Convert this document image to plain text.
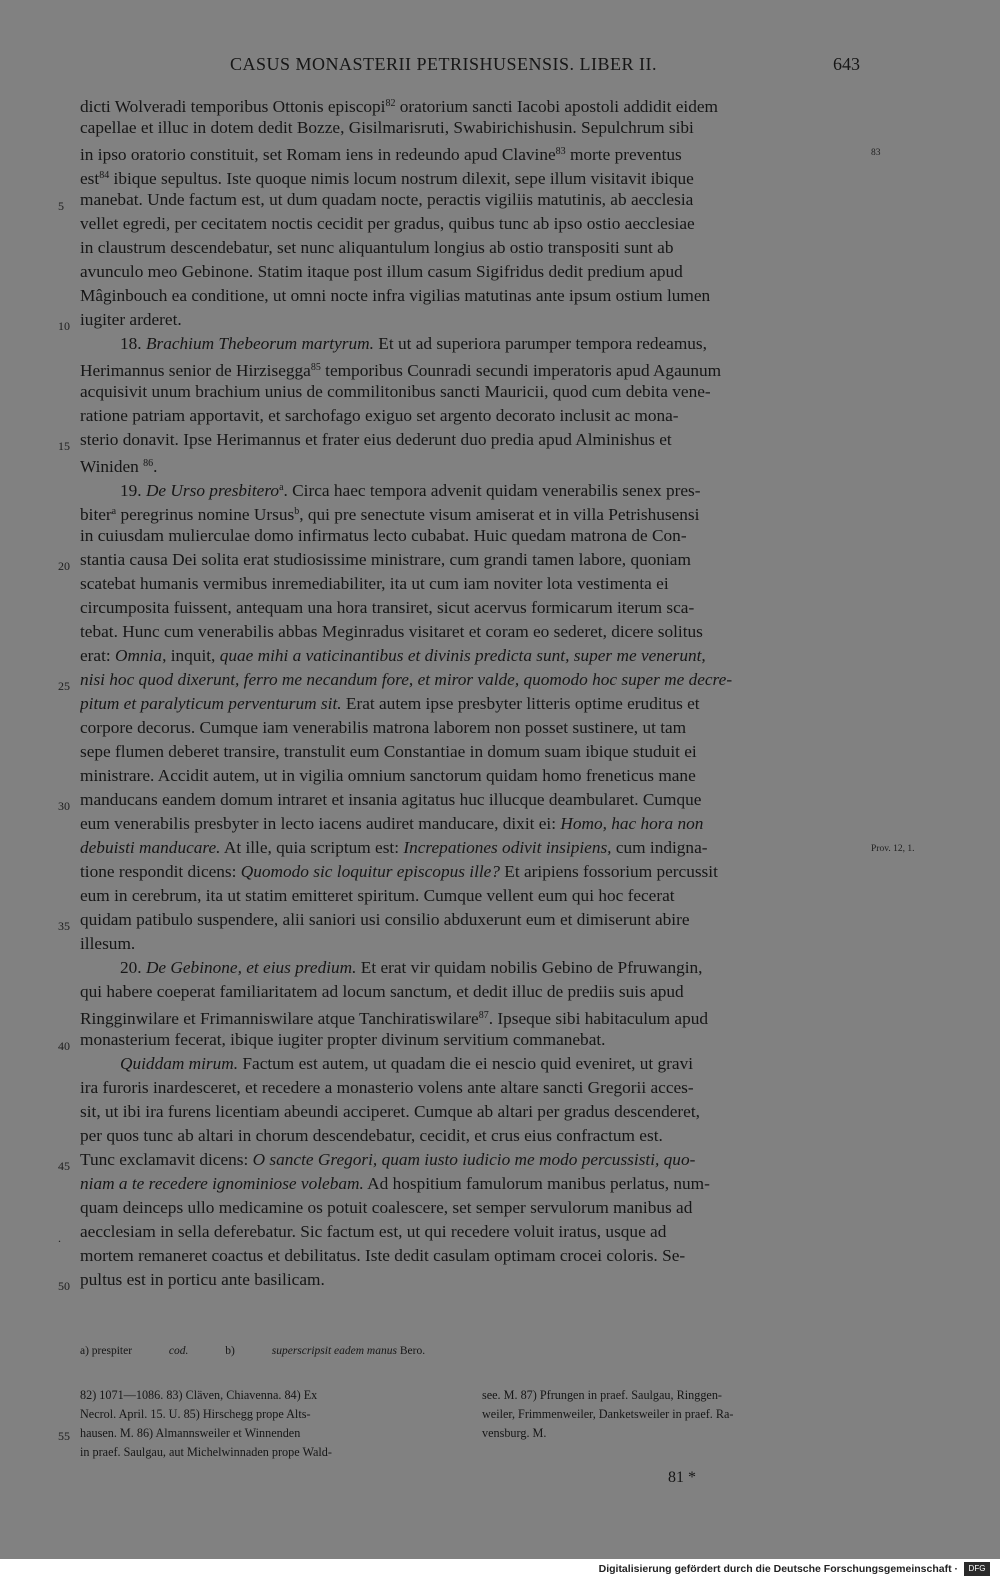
CASUS MONASTERII PETRISHUSENSIS. LIBER II.	643
dicti Wolveradi temporibus Ottonis episcopi$^{82}$ oratorium sancti Iacobi apostoli addidit eidem
capellae et illuc in dotem dedit Bozze, Gisilmarisruti, Swabirichishusin. Sepulchrum sibi
in ipso oratorio constituit, set Romam iens in redeundo apud Clavine$^{83}$ morte preventus
est$^{84}$ ibique sepultus. Iste quoque nimis locum nostrum dilexit, sepe illum visitavit ibique
manebat. Unde factum est, ut dum quadam nocte, peractis vigiliis matutinis, ab aecclesia
vellet egredi, per cecitatem noctis cecidit per gradus, quibus tunc ab ipso ostio aecclesiae
in claustrum descendebatur, set nunc aliquantulum longius ab ostio transpositi sunt ab
avunculo meo Gebinone. Statim itaque post illum casum Sigifridus dedit predium apud
Mâginbouch ea conditione, ut omni nocte infra vigilias matutinas ante ipsum ostium lumen
iugiter arderet.
18. Brachium Thebeorum martyrum. Et ut ad superiora parumper tempora redeamus,
Herimannus senior de Hirzisegga$^{85}$ temporibus Counradi secundi imperatoris apud Agaunum
acquisivit unum brachium unius de commilitonibus sancti Mauricii, quod cum debita vene-
ratione patriam apportavit, et sarchofago exiguo set argento decorato inclusit ac mona-
sterio donavit. Ipse Herimannus et frater eius dederunt duo predia apud Alminishus et
Winiden $^{86}$.
19. De Urso presbitero$^a$. Circa haec tempora advenit quidam venerabilis senex pres-
biter$^a$ peregrinus nomine Ursus$^b$, qui pre senectute visum amiserat et in villa Petrishusensi
in cuiusdam mulierculae domo infirmatus lecto cubabat. Huic quedam matrona de Con-
stantia causa Dei solita erat studiosissime ministrare, cum grandi tamen labore, quoniam
scatebat humanis vermibus inremediabiliter, ita ut cum iam noviter lota vestimenta ei
circumposita fuissent, antequam una hora transiret, sicut acervus formicarum iterum sca-
tebat. Hunc cum venerabilis abbas Meginradus visitaret et coram eo sederet, dicere solitus
erat: Omnia, inquit, quae mihi a vaticinantibus et divinis predicta sunt, super me venerunt,
nisi hoc quod dixerunt, ferro me necandum fore, et miror valde, quomodo hoc super me decre-
pitum et paralyticum perventurum sit. Erat autem ipse presbyter litteris optime eruditus et
corpore decorus. Cumque iam venerabilis matrona laborem non posset sustinere, ut tam
sepe flumen deberet transire, transtulit eum Constantiae in domum suam ibique studuit ei
ministrare. Accidit autem, ut in vigilia omnium sanctorum quidam homo freneticus mane
manducans eandem domum intraret et insania agitatus huc illucque deambularet. Cumque
eum venerabilis presbyter in lecto iacens audiret manducare, dixit ei: Homo, hac hora non
debuisti manducare. At ille, quia scriptum est: Increpationes odivit insipiens, cum indigna-
tione respondit dicens: Quomodo sic loquitur episcopus ille? Et aripiens fossorium percussit
eum in cerebrum, ita ut statim emitteret spiritum. Cumque vellent eum qui hoc fecerat
quidam patibulo suspendere, alii saniori usi consilio abduxerunt eum et dimiserunt abire
illesum.
20. De Gebinone, et eius predium. Et erat vir quidam nobilis Gebino de Pfruwangin,
qui habere coeperat familiaritatem ad locum sanctum, et dedit illuc de prediis suis apud
Ringginwilare et Frimanniswilare atque Tanchiratiswilare$^{87}$. Ipseque sibi habitaculum apud
monasterium fecerat, ibique iugiter propter divinum servitium commanebat.
Quiddam mirum. Factum est autem, ut quadam die ei nescio quid eveniret, ut gravi
ira furoris inardesceret, et recedere a monasterio volens ante altare sancti Gregorii acces-
sit, ut ibi ira furens licentiam abeundi acciperet. Cumque ab altari per gradus descenderet,
per quos tunc ab altari in chorum descendebatur, cecidit, et crus eius confractum est.
Tunc exclamavit dicens: O sancte Gregori, quam iusto iudicio me modo percussisti, quo-
niam a te recedere ignominiose volebam. Ad hospitium famulorum manibus perlatus, num-
quam deinceps ullo medicamine os potuit coalescere, set semper servulorum manibus ad
aecclesiam in sella deferebatur. Sic factum est, ut qui recedere voluit iratus, usque ad
mortem remaneret coactus et debilitatus. Iste dedit casulam optimam crocei coloris. Se-
pultus est in porticu ante basilicam.
5
10
15
20
25
30
35
40
45
.
50
55
83
Prov. 12, 1.
a) prespiter	cod.	b)	superscripsit eadem manus Bero.
82) 1071—1086. 83) Cläven, Chiavenna. 84) Ex
Necrol. April. 15. U. 85) Hirschegg prope Alts-
hausen. M. 86) Almannsweiler et Winnenden
in praef. Saulgau, aut Michelwinnaden prope Wald-
see. M. 87) Pfrungen in praef. Saulgau, Ringgen-
weiler, Frimmenweiler, Danketsweiler in praef. Ra-
vensburg. M.
81 *
Digitalisierung gefördert durch die Deutsche Forschungsgemeinschaft ·	DFG
